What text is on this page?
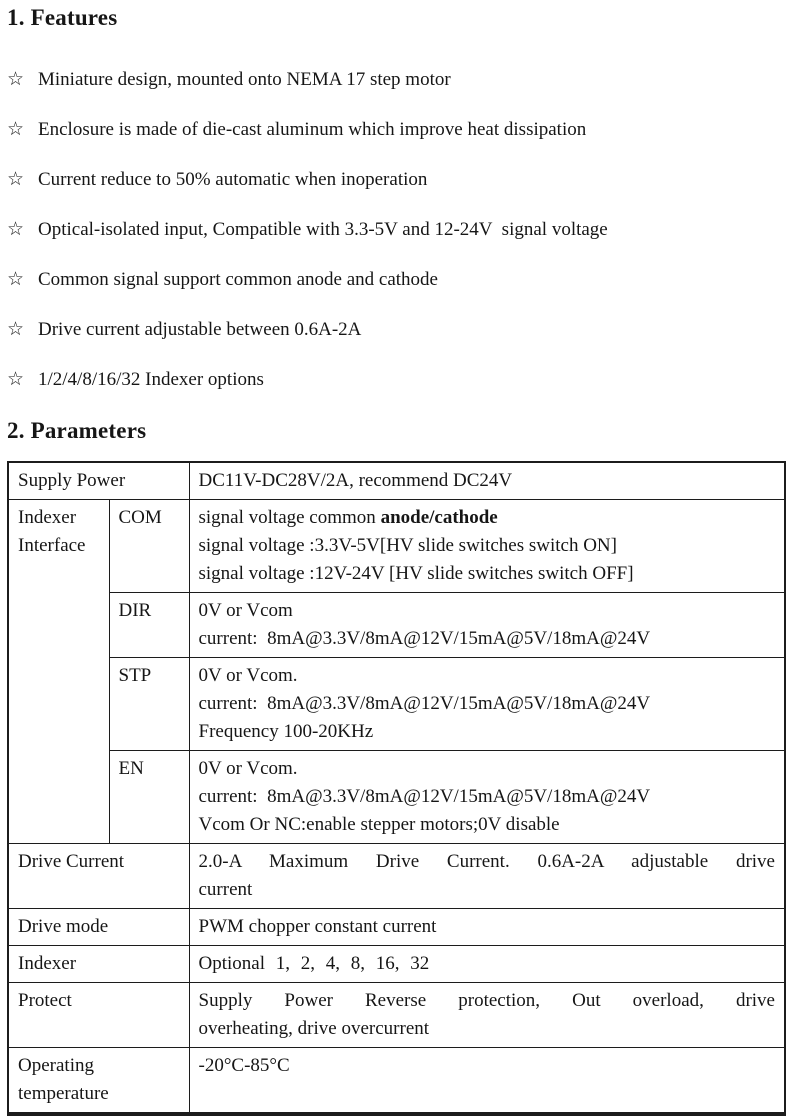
1. Features
☆ Miniature design, mounted onto NEMA 17 step motor
☆ Enclosure is made of die-cast aluminum which improve heat dissipation
☆ Current reduce to 50% automatic when inoperation
☆ Optical-isolated input, Compatible with 3.3-5V and 12-24V  signal voltage
☆ Common signal support common anode and cathode
☆ Drive current adjustable between 0.6A-2A
☆ 1/2/4/8/16/32 Indexer options
2. Parameters
Supply Power		DC11V-DC28V/2A, recommend DC24V

Indexer Interface	COM	signal voltage common anode/cathode
signal voltage :3.3V-5V[HV slide switches switch ON]
signal voltage :12V-24V [HV slide switches switch OFF]

	DIR	0V or Vcom
current:  8mA@3.3V/8mA@12V/15mA@5V/18mA@24V

	STP	0V or Vcom.
current:  8mA@3.3V/8mA@12V/15mA@5V/18mA@24V
Frequency 100-20KHz

	EN	0V or Vcom.
current:  8mA@3.3V/8mA@12V/15mA@5V/18mA@24V
Vcom Or NC:enable stepper motors;0V disable

Drive Current		2.0-A Maximum Drive Current. 0.6A-2A adjustable drive
current

Drive mode		PWM chopper constant current

Indexer		Optional 1, 2, 4, 8, 16, 32

Protect		Supply Power Reverse protection, Out overload, drive
overheating, drive overcurrent

Operating temperature		-20°C-85°C
